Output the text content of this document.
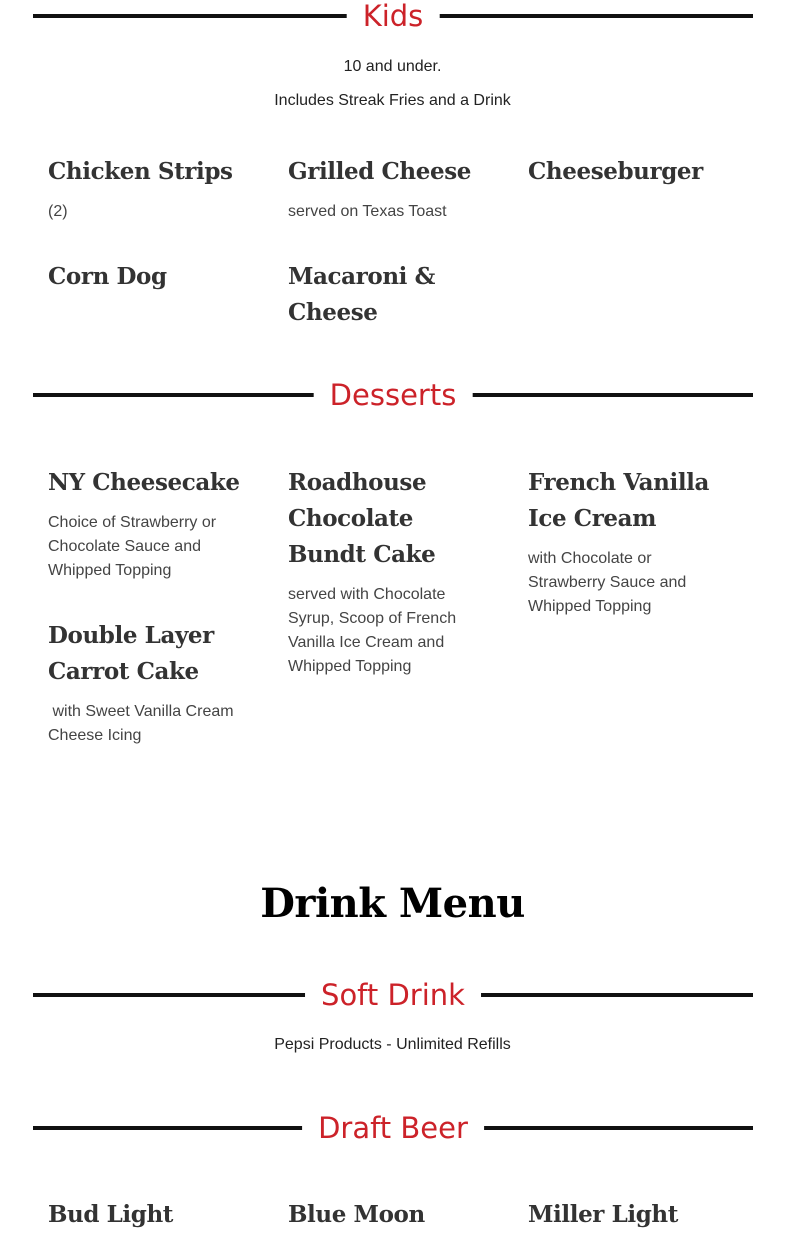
Kids
10 and under.
Includes Streak Fries and a Drink
Chicken Strips
(2)
Grilled Cheese
served on Texas Toast
Cheeseburger
Corn Dog	Macaroni & Cheese
Desserts
NY Cheesecake
Choice of Strawberry or Chocolate Sauce and Whipped Topping
Roadhouse Chocolate Bundt Cake
served with Chocolate Syrup, Scoop of French Vanilla Ice Cream and Whipped Topping
French Vanilla Ice Cream
with Chocolate or Strawberry Sauce and Whipped Topping
Double Layer Carrot Cake
with Sweet Vanilla Cream Cheese Icing
Drink Menu
Soft Drink
Pepsi Products - Unlimited Refills
Draft Beer
Bud Light	Blue Moon	Miller Light
